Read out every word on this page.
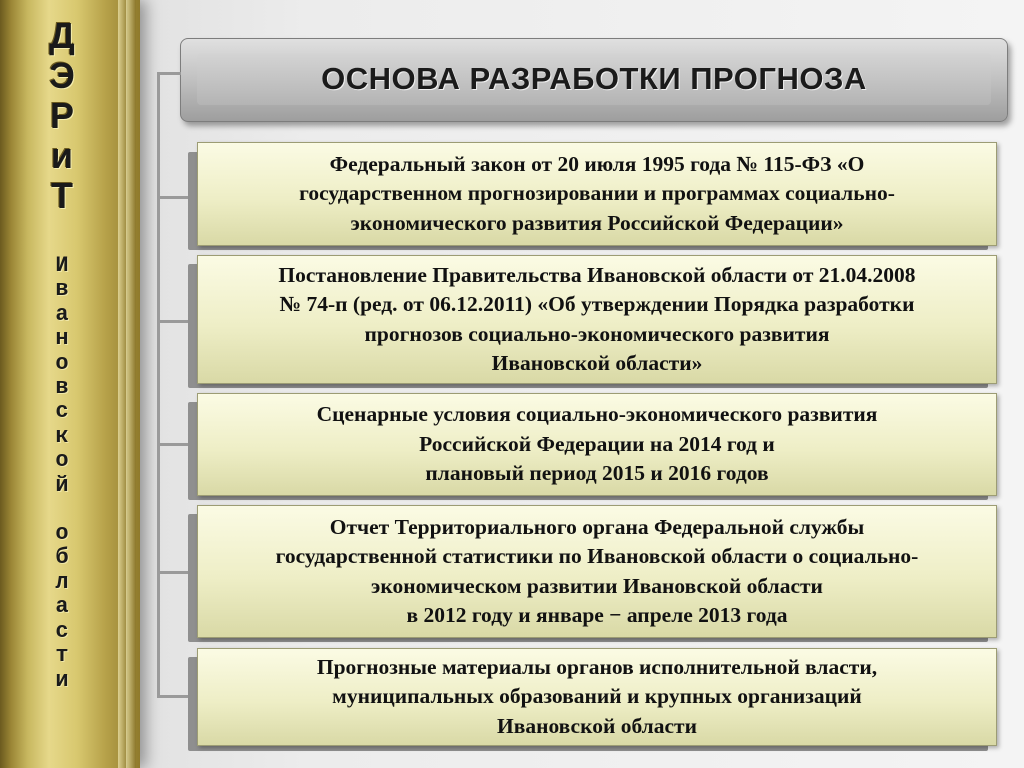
Д
Э
Р
и
Т
И
в
а
н
о
в
с
к
о
й
о
б
л
а
с
т
и
ОСНОВА РАЗРАБОТКИ ПРОГНОЗА
Федеральный закон от 20 июля 1995 года № 115-ФЗ «О
государственном прогнозировании и программах социально-
экономического развития Российской Федерации»
Постановление Правительства Ивановской области от 21.04.2008
№ 74-п (ред. от 06.12.2011) «Об утверждении Порядка разработки
прогнозов социально-экономического развития
Ивановской области»
Сценарные условия социально-экономического развития
Российской Федерации на 2014 год и
плановый период 2015 и 2016 годов
Отчет Территориального органа Федеральной службы
государственной статистики по Ивановской области о социально-
экономическом развитии Ивановской области
в 2012 году и январе − апреле 2013 года
Прогнозные материалы органов исполнительной власти,
муниципальных образований и крупных организаций
Ивановской области
